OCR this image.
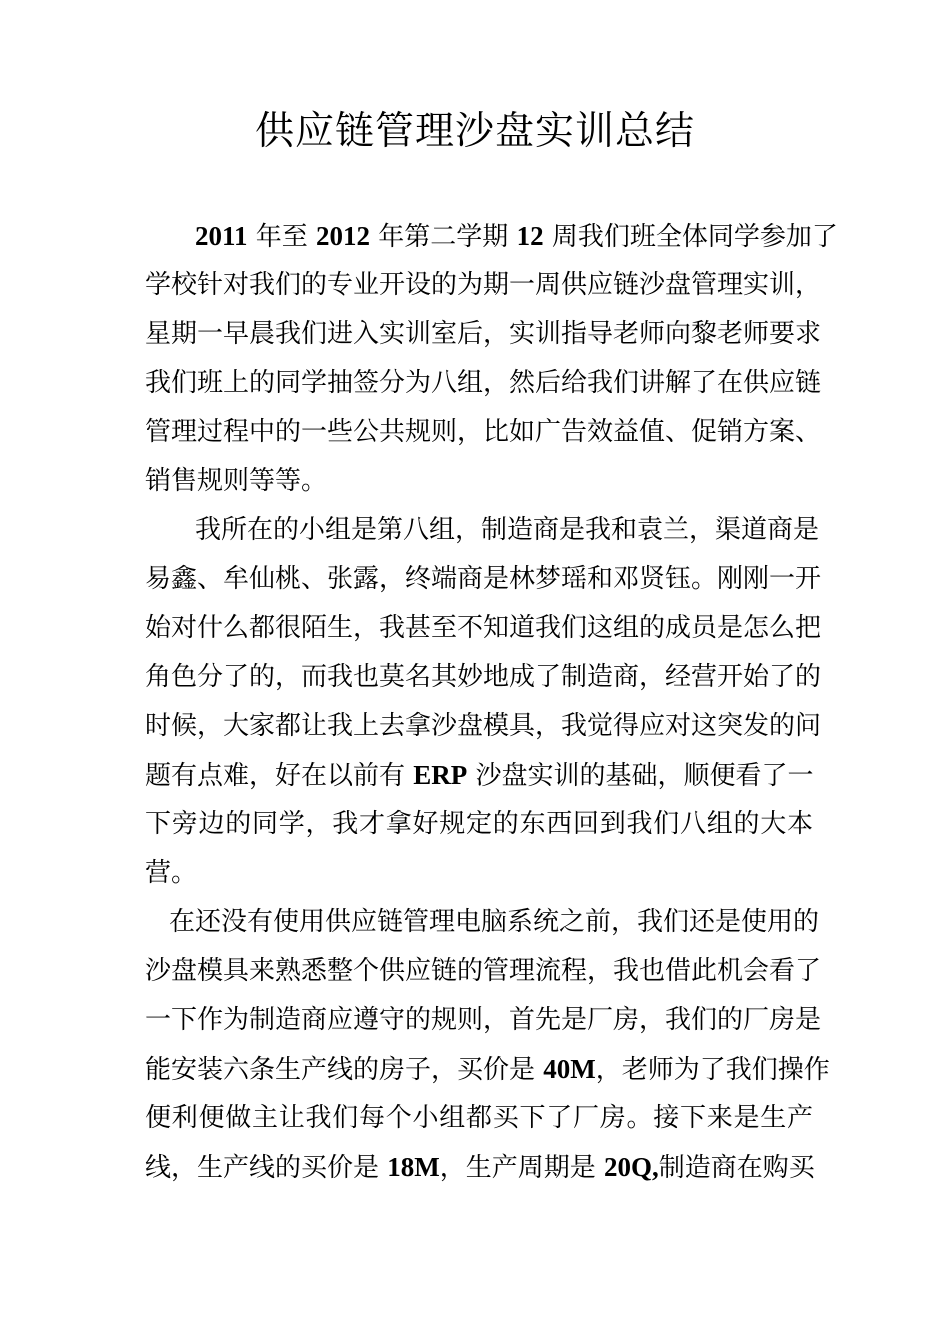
供应链管理沙盘实训总结
2011 年至 2012 年第二学期 12 周我们班全体同学参加了
学校针对我们的专业开设的为期一周供应链沙盘管理实训，
星期一早晨我们进入实训室后，实训指导老师向黎老师要求
我们班上的同学抽签分为八组，然后给我们讲解了在供应链
管理过程中的一些公共规则，比如广告效益值、促销方案、
销售规则等等。
我所在的小组是第八组，制造商是我和袁兰，渠道商是
易鑫、牟仙桃、张露，终端商是林梦瑶和邓贤钰。刚刚一开
始对什么都很陌生，我甚至不知道我们这组的成员是怎么把
角色分了的，而我也莫名其妙地成了制造商，经营开始了的
时候，大家都让我上去拿沙盘模具，我觉得应对这突发的问
题有点难，好在以前有 ERP 沙盘实训的基础，顺便看了一
下旁边的同学，我才拿好规定的东西回到我们八组的大本
营。
在还没有使用供应链管理电脑系统之前，我们还是使用的
沙盘模具来熟悉整个供应链的管理流程，我也借此机会看了
一下作为制造商应遵守的规则，首先是厂房，我们的厂房是
能安装六条生产线的房子，买价是 40M，老师为了我们操作
便利便做主让我们每个小组都买下了厂房。接下来是生产
线，生产线的买价是 18M，生产周期是 20Q,制造商在购买
